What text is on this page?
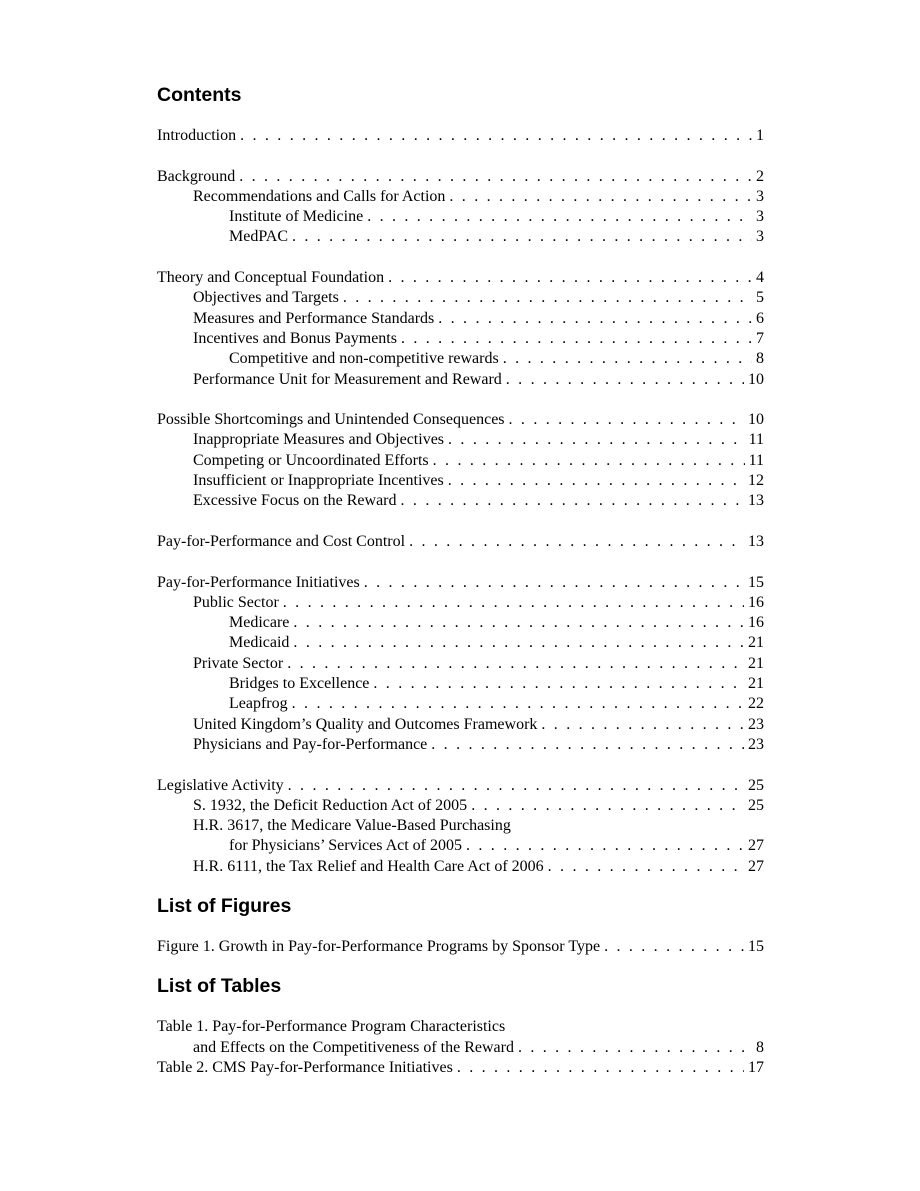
Contents
Introduction . . .	1
Background . . .	2
Recommendations and Calls for Action . . .	3
Institute of Medicine . . .	3
MedPAC . . .	3
Theory and Conceptual Foundation . . .	4
Objectives and Targets . . .	5
Measures and Performance Standards . . .	6
Incentives and Bonus Payments . . .	7
Competitive and non-competitive rewards . . .	8
Performance Unit for Measurement and Reward . . .	10
Possible Shortcomings and Unintended Consequences . . .	10
Inappropriate Measures and Objectives . . .	11
Competing or Uncoordinated Efforts . . .	11
Insufficient or Inappropriate Incentives . . .	12
Excessive Focus on the Reward . . .	13
Pay-for-Performance and Cost Control . . .	13
Pay-for-Performance Initiatives . . .	15
Public Sector . . .	16
Medicare . . .	16
Medicaid . . .	21
Private Sector . . .	21
Bridges to Excellence . . .	21
Leapfrog . . .	22
United Kingdom’s Quality and Outcomes Framework . . .	23
Physicians and Pay-for-Performance . . .	23
Legislative Activity . . .	25
S. 1932, the Deficit Reduction Act of 2005 . . .	25
H.R. 3617, the Medicare Value-Based Purchasing
for Physicians’ Services Act of 2005 . . .	27
H.R. 6111, the Tax Relief and Health Care Act of 2006 . . .	27
List of Figures
Figure 1. Growth in Pay-for-Performance Programs by Sponsor Type . . .	15
List of Tables
Table 1. Pay-for-Performance Program Characteristics
and Effects on the Competitiveness of the Reward . . .	8
Table 2. CMS Pay-for-Performance Initiatives . . .	17
